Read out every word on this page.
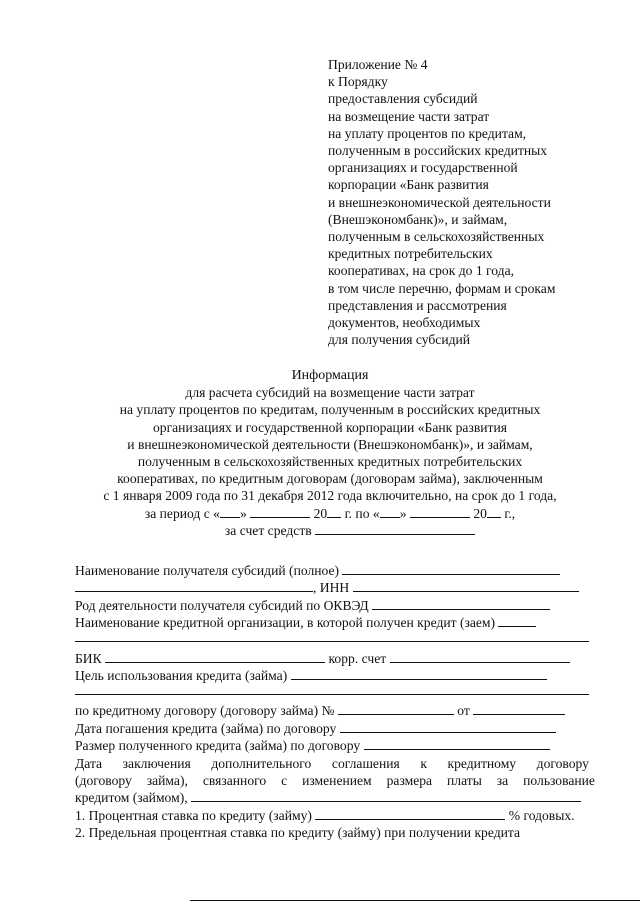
Приложение № 4
к Порядку
предоставления субсидий
на возмещение части затрат
на уплату процентов по кредитам,
полученным в российских кредитных
организациях и государственной
корпорации «Банк развития
и внешнеэкономической деятельности
(Внешэкономбанк)», и займам,
полученным в сельскохозяйственных
кредитных потребительских
кооперативах, на срок до 1 года,
в том числе перечню, формам и срокам
представления и рассмотрения
документов, необходимых
для получения субсидий
Информация
для расчета субсидий на возмещение части затрат
на уплату процентов по кредитам, полученным в российских кредитных
организациях и государственной корпорации «Банк развития
и внешнеэкономической деятельности (Внешэкономбанк)», и займам,
полученным в сельскохозяйственных кредитных потребительских
кооперативах, по кредитным договорам (договорам займа), заключенным
с 1 января 2009 года по 31 декабря 2012 года включительно, на срок до 1 года,
за период с « »	20 г. по « »	20 г.,
за счет средств
Наименование получателя субсидий (полное)
, ИНН
Род деятельности получателя субсидий по ОКВЭД
Наименование кредитной организации, в которой получен кредит (заем)
БИК	корр. счет
Цель использования кредита (займа)
по кредитному договору (договору займа) №	от
Дата погашения кредита (займа) по договору
Размер полученного кредита (займа) по договору
Дата заключения дополнительного соглашения к кредитному договору
(договору займа), связанного с изменением размера платы за пользование
кредитом (займом),
1. Процентная ставка по кредиту (займу)	% годовых.
2. Предельная процентная ставка по кредиту (займу) при получении кредита
